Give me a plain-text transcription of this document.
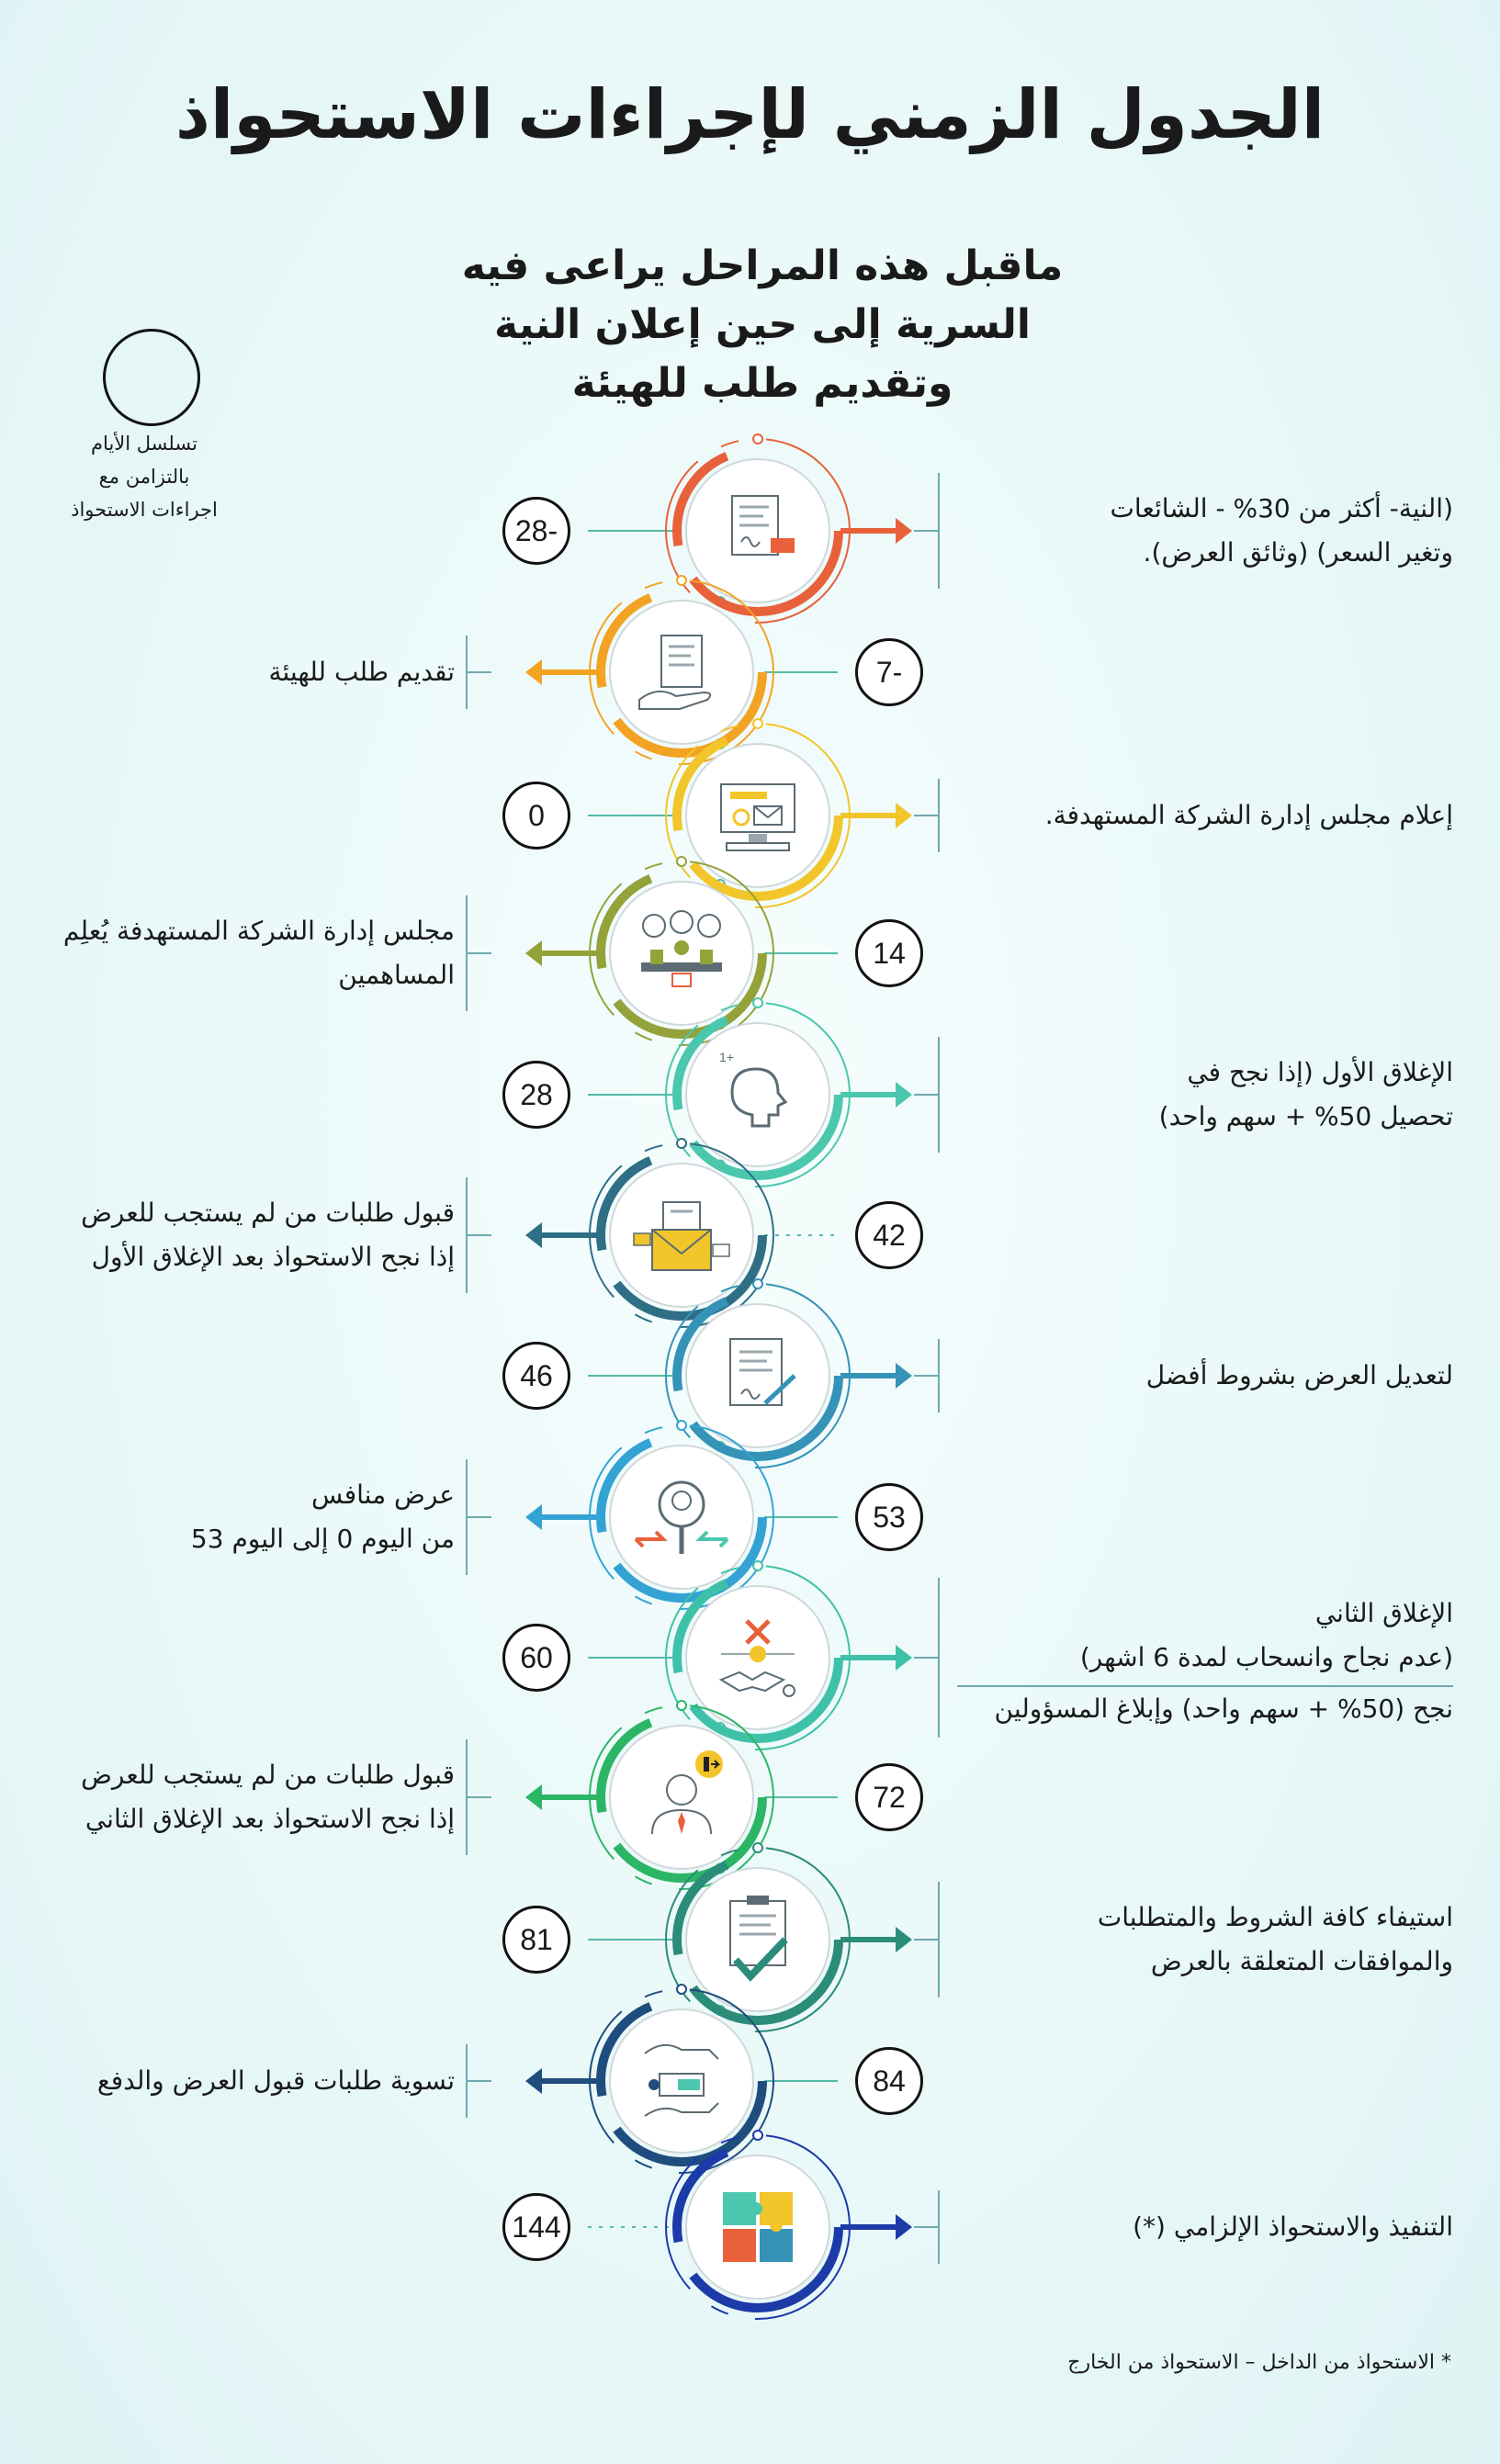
الجدول الزمني لإجراءات الاستحواذ
ماقبل هذه المراحل يراعى فيه
السرية إلى حين إعلان النية
وتقديم طلب للهيئة
تسلسل الأيام
بالتزامن مع
اجراءات الاستحواذ
28-
(النية- أكثر من 30% - الشائعات
وتغير السعر) (وثائق العرض).
7-
تقديم طلب للهيئة
0	إعلام مجلس إدارة الشركة المستهدفة.
14
مجلس إدارة الشركة المستهدفة يُعلِم
المساهمين
+1
28
الإغلاق الأول (إذا نجح في
تحصيل 50% + سهم واحد)
42
قبول طلبات من لم يستجب للعرض
إذا نجح الاستحواذ بعد الإغلاق الأول
46	لتعديل العرض بشروط أفضل
53
عرض منافس
من اليوم 0 إلى اليوم 53
60
الإغلاق الثاني
(عدم نجاح وانسحاب لمدة 6 اشهر)
نجح (50% + سهم واحد) وإبلاغ المسؤولين
72
قبول طلبات من لم يستجب للعرض
إذا نجح الاستحواذ بعد الإغلاق الثاني
81
استيفاء كافة الشروط والمتطلبات
والموافقات المتعلقة بالعرض
84
تسوية طلبات قبول العرض والدفع
144	التنفيذ والاستحواذ الإلزامي (*)
* الاستحواذ من الداخل – الاستحواذ من الخارج
